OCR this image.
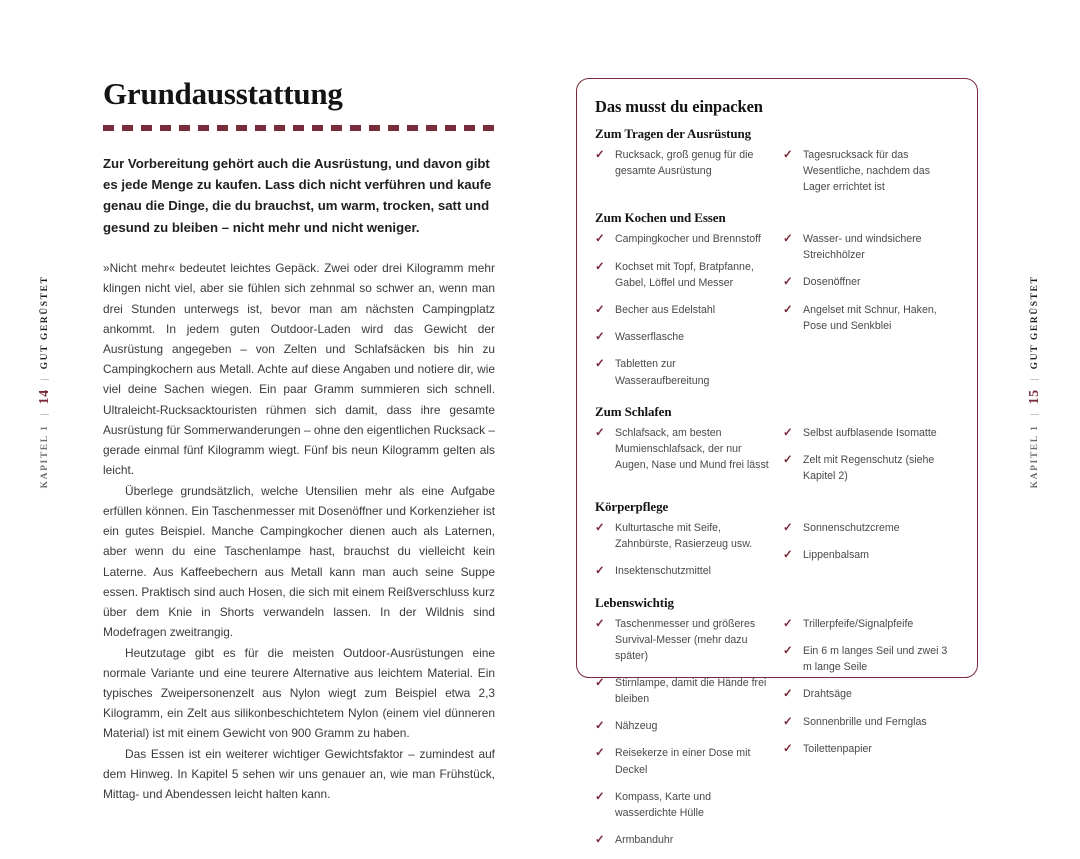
KAPITEL 1
|
14
|
GUT GERÜSTET
KAPITEL 1
|
15
|
GUT GERÜSTET
Grundausstattung

Zur Vorbereitung gehört auch die Ausrüstung, und davon gibt es jede Menge zu kaufen. Lass dich nicht verführen und kaufe genau die Dinge, die du brauchst, um warm, trocken, satt und gesund zu bleiben – nicht mehr und nicht weniger.

»Nicht mehr« bedeutet leichtes Gepäck. Zwei oder drei Kilogramm mehr klingen nicht viel, aber sie fühlen sich zehnmal so schwer an, wenn man drei Stunden unterwegs ist, bevor man am nächsten Campingplatz ankommt. In jedem guten Outdoor-Laden wird das Gewicht der Ausrüstung angegeben – von Zelten und Schlafsäcken bis hin zu Campingkochern aus Metall. Achte auf diese Angaben und notiere dir, wie viel deine Sachen wiegen. Ein paar Gramm summieren sich schnell. Ultraleicht-Rucksacktouristen rühmen sich damit, dass ihre gesamte Ausrüstung für Sommerwanderungen – ohne den eigentlichen Rucksack – gerade einmal fünf Kilogramm wiegt. Fünf bis neun Kilogramm gelten als leicht.

Überlege grundsätzlich, welche Utensilien mehr als eine Aufgabe erfüllen können. Ein Taschenmesser mit Dosenöffner und Korkenzieher ist ein gutes Beispiel. Manche Campingkocher dienen auch als Laternen, aber wenn du eine Taschenlampe hast, brauchst du vielleicht kein Laterne. Aus Kaffeebechern aus Metall kann man auch seine Suppe essen. Praktisch sind auch Hosen, die sich mit einem Reißverschluss kurz über dem Knie in Shorts verwandeln lassen. In der Wildnis sind Modefragen zweitrangig.

Heutzutage gibt es für die meisten Outdoor-Ausrüstungen eine normale Variante und eine teurere Alternative aus leichtem Material. Ein typisches Zweipersonenzelt aus Nylon wiegt zum Beispiel etwa 2,3 Kilogramm, ein Zelt aus silikonbeschichtetem Nylon (einem viel dünneren Material) ist mit einem Gewicht von 900 Gramm zu haben.

Das Essen ist ein weiterer wichtiger Gewichtsfaktor – zumindest auf dem Hinweg. In Kapitel 5 sehen wir uns genauer an, wie man Frühstück, Mittag- und Abendessen leicht halten kann.

Das musst du einpacken
Zum Tragen der Ausrüstung
✓ Rucksack, groß genug für die gesamte Ausrüstung
✓ Tagesrucksack für das Wesentliche, nachdem das Lager errichtet ist
Zum Kochen und Essen
✓ Campingkocher und Brennstoff
✓ Kochset mit Topf, Bratpfanne, Gabel, Löffel und Messer
✓ Becher aus Edelstahl
✓ Wasserflasche
✓ Tabletten zur Wasseraufbereitung
✓ Wasser- und windsichere Streichhölzer
✓ Dosenöffner
✓ Angelset mit Schnur, Haken, Pose und Senkblei
Zum Schlafen
✓ Schlafsack, am besten Mumienschlafsack, der nur Augen, Nase und Mund frei lässt
✓ Selbst aufblasende Isomatte
✓ Zelt mit Regenschutz (siehe Kapitel 2)
Körperpflege
✓ Kulturtasche mit Seife, Zahnbürste, Rasierzeug usw.
✓ Insektenschutzmittel
✓ Sonnenschutzcreme
✓ Lippenbalsam
Lebenswichtig
✓ Taschenmesser und größeres Survival-Messer (mehr dazu später)
✓ Stirnlampe, damit die Hände frei bleiben
✓ Nähzeug
✓ Reisekerze in einer Dose mit Deckel
✓ Kompass, Karte und wasserdichte Hülle
✓ Armbanduhr
✓ Trillerpfeife/Signalpfeife
✓ Ein 6 m langes Seil und zwei 3 m lange Seile
✓ Drahtsäge
✓ Sonnenbrille und Fernglas
✓ Toilettenpapier
